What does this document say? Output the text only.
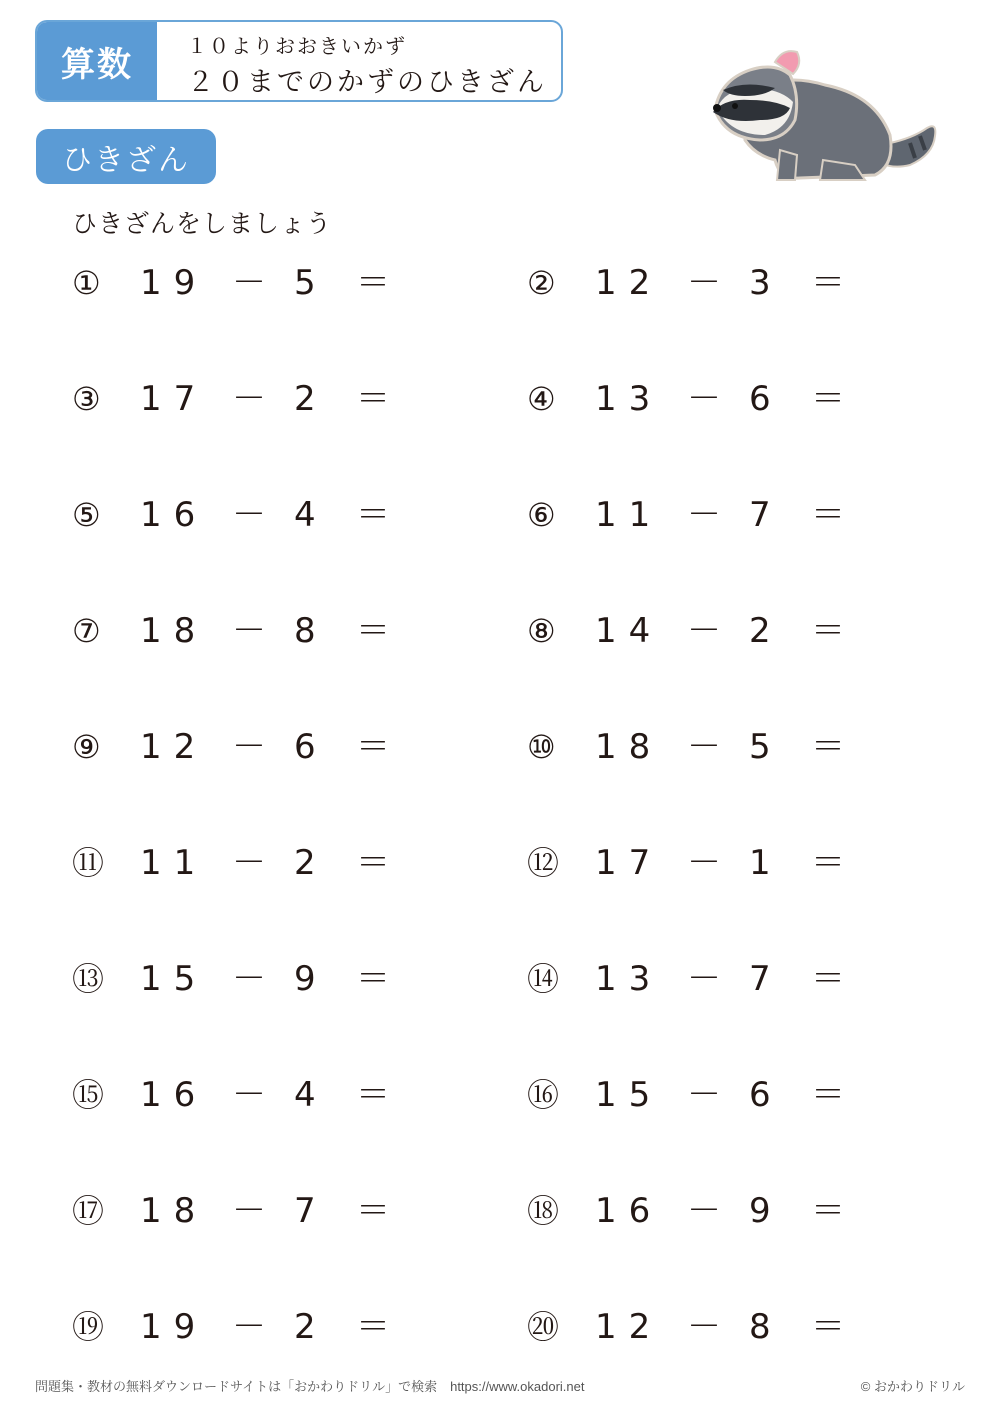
算数	１０よりおおきいかず
２０までのかずのひきざん
ひきざん
ひきざんをしましょう
① 19 － 5 ＝	② 12 － 3 ＝
③ 17 － 2 ＝	④ 13 － 6 ＝
⑤ 16 － 4 ＝	⑥ 11 － 7 ＝
⑦ 18 － 8 ＝	⑧ 14 － 2 ＝
⑨ 12 － 6 ＝	⑩ 18 － 5 ＝
⑪ 11 － 2 ＝	⑫ 17 － 1 ＝
⑬ 15 － 9 ＝	⑭ 13 － 7 ＝
⑮ 16 － 4 ＝	⑯ 15 － 6 ＝
⑰ 18 － 7 ＝	⑱ 16 － 9 ＝
⑲ 19 － 2 ＝	⑳ 12 － 8 ＝
問題集・教材の無料ダウンロードサイトは「おかわりドリル」で検索　https://www.okadori.net	© おかわりドリル
